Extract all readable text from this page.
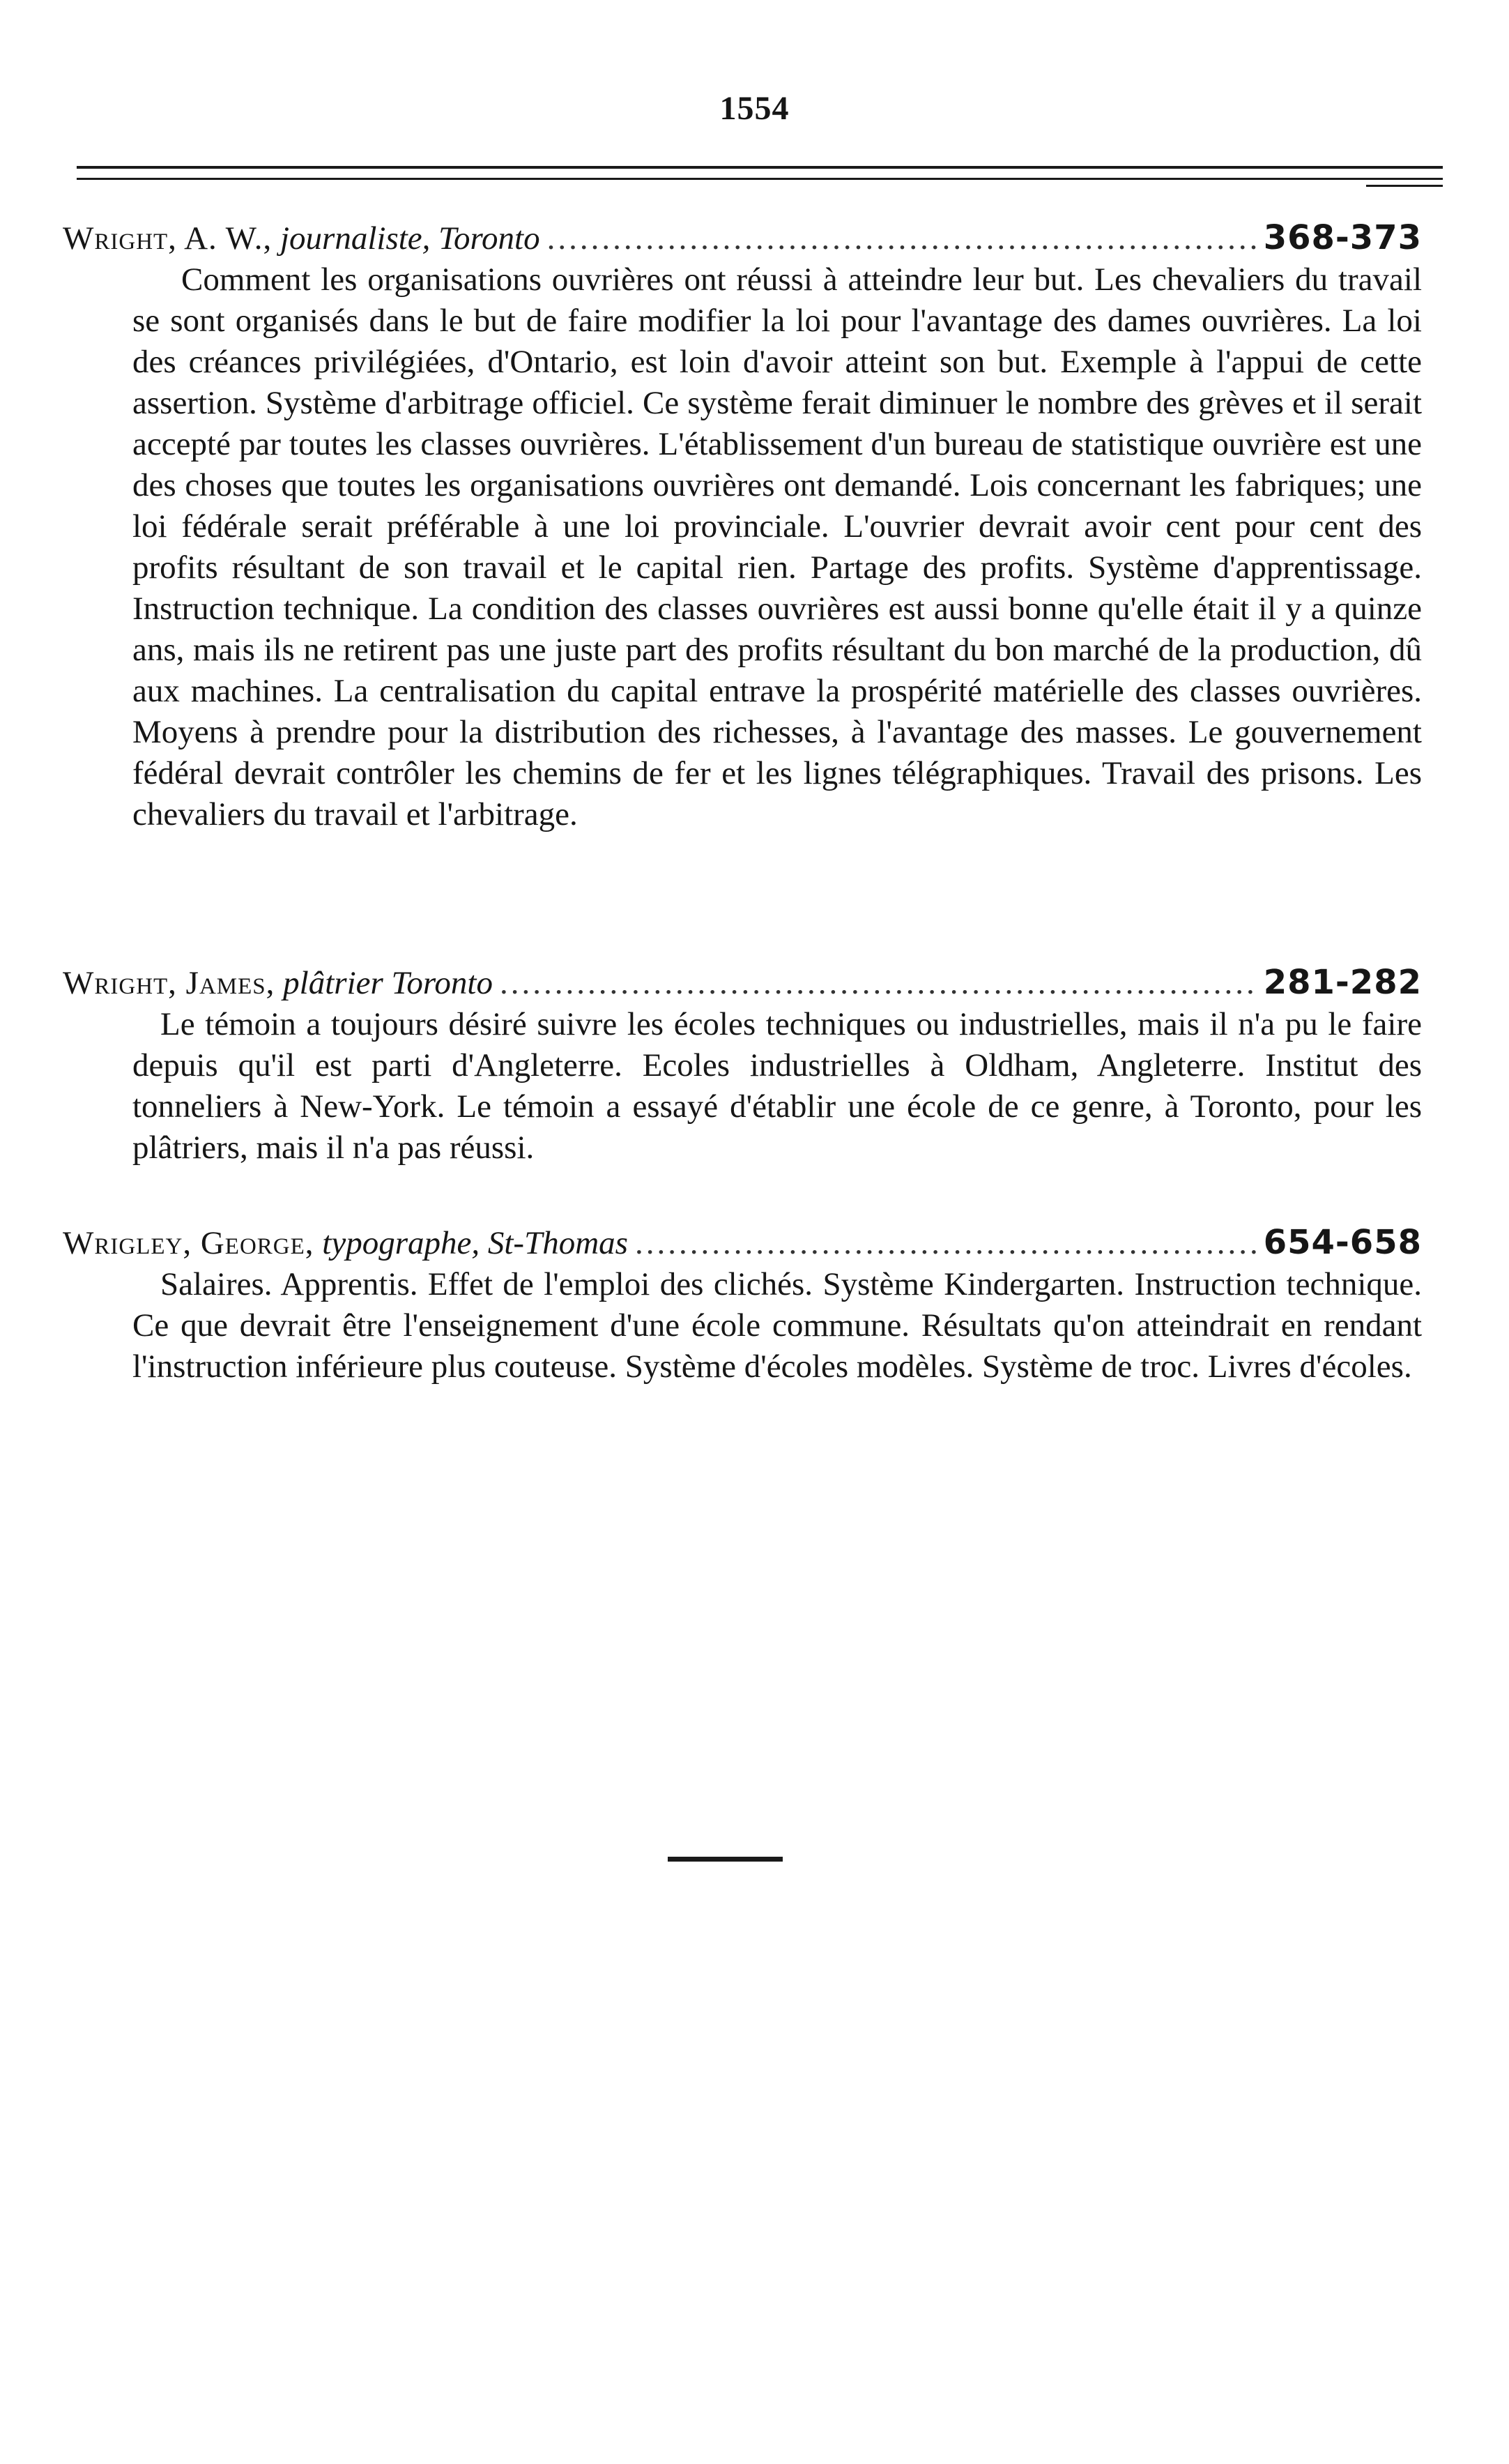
1554
Wright, A. W.,
journaliste,
Toronto .....	368-373

Comment les organisations ouvrières ont réussi à atteindre leur but. Les chevaliers du travail se sont organisés dans le but de faire modifier la loi pour l'avantage des dames ouvrières. La loi des créances privilégiées, d'Ontario, est loin d'avoir atteint son but. Exemple à l'appui de cette assertion. Système d'arbitrage officiel. Ce système ferait diminuer le nombre des grèves et il serait accepté par toutes les classes ouvrières. L'établissement d'un bureau de statistique ouvrière est une des choses que toutes les organisations ouvrières ont demandé. Lois concernant les fabriques; une loi fédérale serait préférable à une loi provinciale. L'ouvrier devrait avoir cent pour cent des profits résultant de son travail et le capital rien. Partage des profits. Système d'apprentissage. Instruction technique. La condition des classes ouvrières est aussi bonne qu'elle était il y a quinze ans, mais ils ne retirent pas une juste part des profits résultant du bon marché de la production, dû aux machines. La centralisation du capital entrave la prospérité matérielle des classes ouvrières. Moyens à prendre pour la distribution des richesses, à l'avantage des masses. Le gouvernement fédéral devrait contrôler les chemins de fer et les lignes télégraphiques. Travail des prisons. Les chevaliers du travail et l'arbitrage.

Wright, James,
plâtrier
Toronto .....	281-282

Le témoin a toujours désiré suivre les écoles techniques ou industrielles, mais il n'a pu le faire depuis qu'il est parti d'Angleterre. Ecoles industrielles à Oldham, Angleterre. Institut des tonneliers à New-York. Le témoin a essayé d'établir une école de ce genre, à Toronto, pour les plâtriers, mais il n'a pas réussi.

Wrigley, George,
typographe,
St-Thomas .....	654-658

Salaires. Apprentis. Effet de l'emploi des clichés. Système Kindergarten. Instruction technique. Ce que devrait être l'enseignement d'une école commune. Résultats qu'on atteindrait en rendant l'instruction inférieure plus couteuse. Système d'écoles modèles. Système de troc. Livres d'écoles.
